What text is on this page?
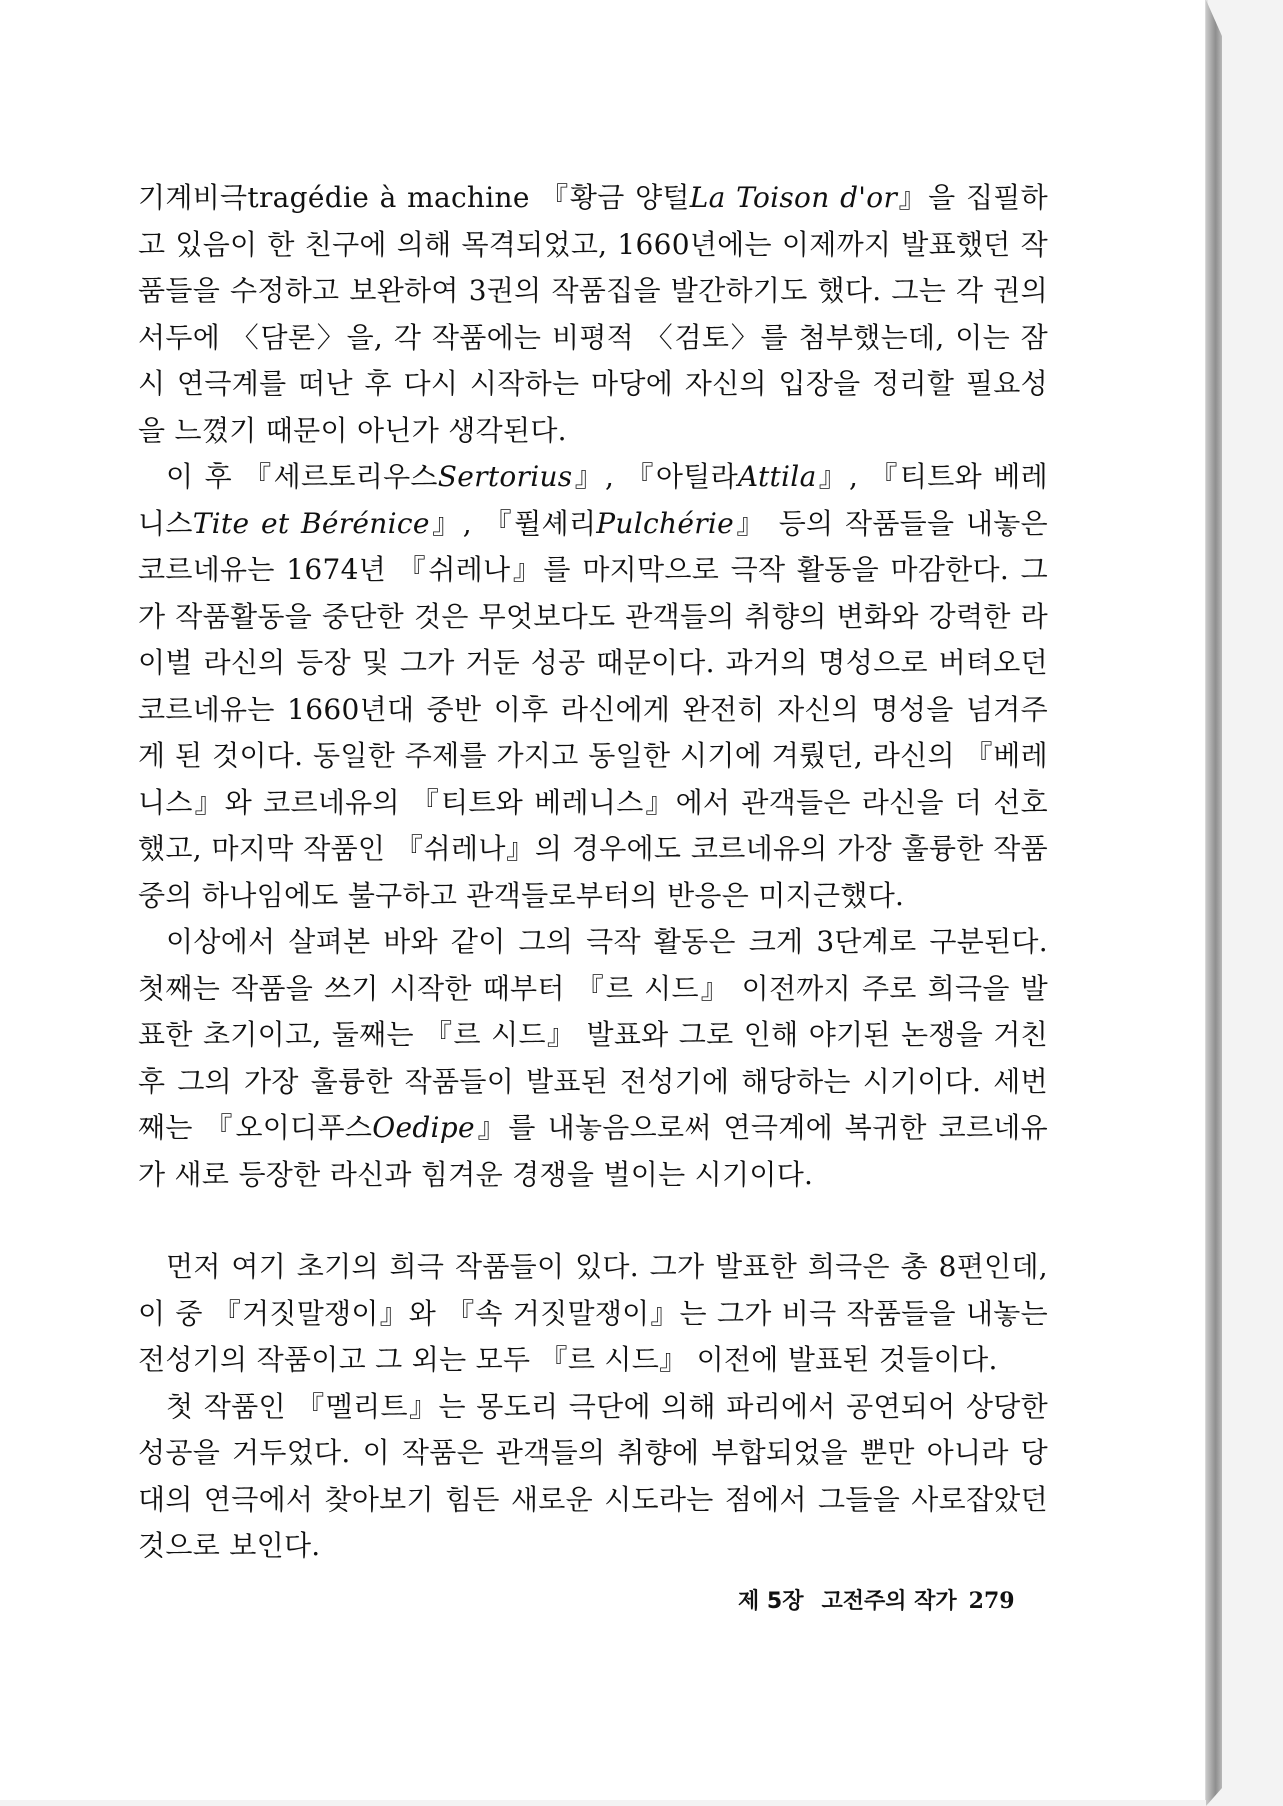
기계비극tragédie à machine 『황금 양털La Toison d'or』을 집필하고 있음이 한 친구에 의해 목격되었고, 1660년에는 이제까지 발표했던 작품들을 수정하고 보완하여 3권의 작품집을 발간하기도 했다. 그는 각 권의 서두에 〈담론〉을, 각 작품에는 비평적 〈검토〉를 첨부했는데, 이는 잠시 연극계를 떠난 후 다시 시작하는 마당에 자신의 입장을 정리할 필요성을 느꼈기 때문이 아닌가 생각된다.

이 후 『세르토리우스Sertorius』, 『아틸라Attila』, 『티트와 베레니스Tite et Bérénice』, 『퓔셰리Pulchérie』 등의 작품들을 내놓은 코르네유는 1674년 『쉬레나』를 마지막으로 극작 활동을 마감한다. 그가 작품활동을 중단한 것은 무엇보다도 관객들의 취향의 변화와 강력한 라이벌 라신의 등장 및 그가 거둔 성공 때문이다. 과거의 명성으로 버텨오던 코르네유는 1660년대 중반 이후 라신에게 완전히 자신의 명성을 넘겨주게 된 것이다. 동일한 주제를 가지고 동일한 시기에 겨뤘던, 라신의 『베레니스』와 코르네유의 『티트와 베레니스』에서 관객들은 라신을 더 선호했고, 마지막 작품인 『쉬레나』의 경우에도 코르네유의 가장 훌륭한 작품 중의 하나임에도 불구하고 관객들로부터의 반응은 미지근했다.

이상에서 살펴본 바와 같이 그의 극작 활동은 크게 3단계로 구분된다. 첫째는 작품을 쓰기 시작한 때부터 『르 시드』 이전까지 주로 희극을 발표한 초기이고, 둘째는 『르 시드』 발표와 그로 인해 야기된 논쟁을 거친 후 그의 가장 훌륭한 작품들이 발표된 전성기에 해당하는 시기이다. 세번째는 『오이디푸스Oedipe』를 내놓음으로써 연극계에 복귀한 코르네유가 새로 등장한 라신과 힘겨운 경쟁을 벌이는 시기이다.

먼저 여기 초기의 희극 작품들이 있다. 그가 발표한 희극은 총 8편인데, 이 중 『거짓말쟁이』와 『속 거짓말쟁이』는 그가 비극 작품들을 내놓는 전성기의 작품이고 그 외는 모두 『르 시드』 이전에 발표된 것들이다.

첫 작품인 『멜리트』는 몽도리 극단에 의해 파리에서 공연되어 상당한 성공을 거두었다. 이 작품은 관객들의 취향에 부합되었을 뿐만 아니라 당대의 연극에서 찾아보기 힘든 새로운 시도라는 점에서 그들을 사로잡았던 것으로 보인다.

제 5장 고전주의 작가 279
